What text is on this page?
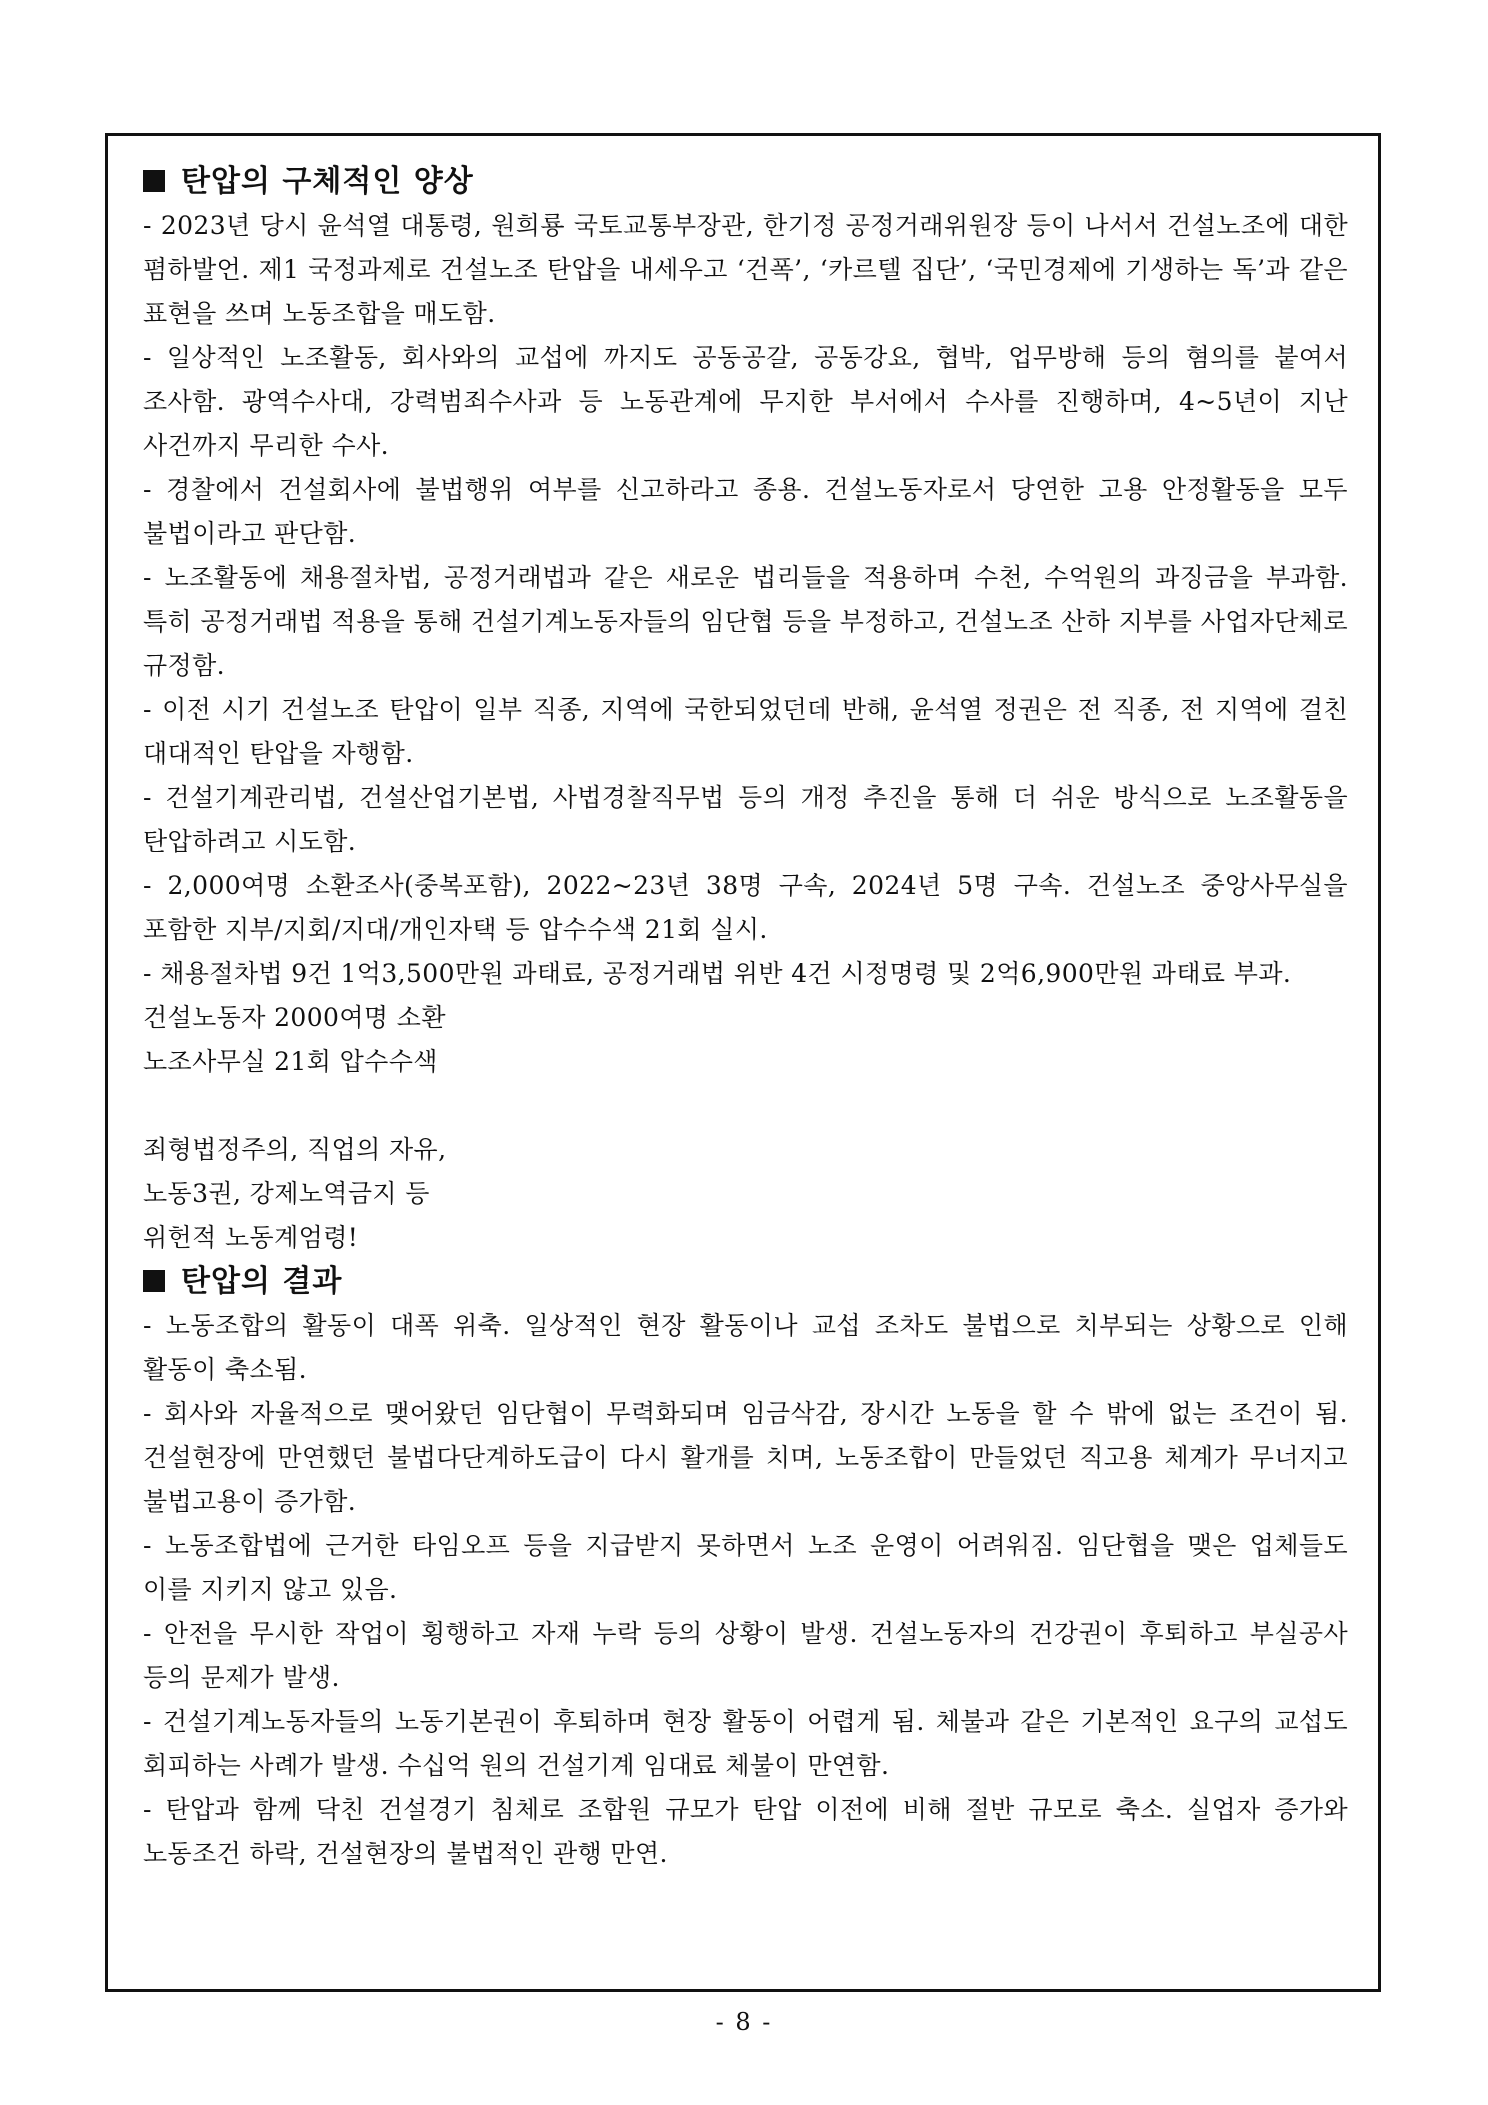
탄압의 구체적인 양상
- 2023년 당시 윤석열 대통령, 원희룡 국토교통부장관, 한기정 공정거래위원장 등이 나서서 건설노조에 대한 폄하발언. 제1 국정과제로 건설노조 탄압을 내세우고 ‘건폭’, ‘카르텔 집단’, ‘국민경제에 기생하는 독’과 같은 표현을 쓰며 노동조합을 매도함.
- 일상적인 노조활동, 회사와의 교섭에 까지도 공동공갈, 공동강요, 협박, 업무방해 등의 혐의를 붙여서 조사함. 광역수사대, 강력범죄수사과 등 노동관계에 무지한 부서에서 수사를 진행하며, 4~5년이 지난 사건까지 무리한 수사.
- 경찰에서 건설회사에 불법행위 여부를 신고하라고 종용. 건설노동자로서 당연한 고용 안정활동을 모두 불법이라고 판단함.
- 노조활동에 채용절차법, 공정거래법과 같은 새로운 법리들을 적용하며 수천, 수억원의 과징금을 부과함. 특히 공정거래법 적용을 통해 건설기계노동자들의 임단협 등을 부정하고, 건설노조 산하 지부를 사업자단체로 규정함.
- 이전 시기 건설노조 탄압이 일부 직종, 지역에 국한되었던데 반해, 윤석열 정권은 전 직종, 전 지역에 걸친 대대적인 탄압을 자행함.
- 건설기계관리법, 건설산업기본법, 사법경찰직무법 등의 개정 추진을 통해 더 쉬운 방식으로 노조활동을 탄압하려고 시도함.
- 2,000여명 소환조사(중복포함), 2022~23년 38명 구속, 2024년 5명 구속. 건설노조 중앙사무실을 포함한 지부/지회/지대/개인자택 등 압수수색 21회 실시.
- 채용절차법 9건 1억3,500만원 과태료, 공정거래법 위반 4건 시정명령 및 2억6,900만원 과태료 부과.
건설노동자 2000여명 소환
노조사무실 21회 압수수색
죄형법정주의, 직업의 자유,
노동3권, 강제노역금지 등
위헌적 노동계엄령!
탄압의 결과
- 노동조합의 활동이 대폭 위축. 일상적인 현장 활동이나 교섭 조차도 불법으로 치부되는 상황으로 인해 활동이 축소됨.
- 회사와 자율적으로 맺어왔던 임단협이 무력화되며 임금삭감, 장시간 노동을 할 수 밖에 없는 조건이 됨. 건설현장에 만연했던 불법다단계하도급이 다시 활개를 치며, 노동조합이 만들었던 직고용 체계가 무너지고 불법고용이 증가함.
- 노동조합법에 근거한 타임오프 등을 지급받지 못하면서 노조 운영이 어려워짐. 임단협을 맺은 업체들도 이를 지키지 않고 있음.
- 안전을 무시한 작업이 횡행하고 자재 누락 등의 상황이 발생. 건설노동자의 건강권이 후퇴하고 부실공사 등의 문제가 발생.
- 건설기계노동자들의 노동기본권이 후퇴하며 현장 활동이 어렵게 됨. 체불과 같은 기본적인 요구의 교섭도 회피하는 사례가 발생. 수십억 원의 건설기계 임대료 체불이 만연함.
- 탄압과 함께 닥친 건설경기 침체로 조합원 규모가 탄압 이전에 비해 절반 규모로 축소. 실업자 증가와 노동조건 하락, 건설현장의 불법적인 관행 만연.
- 8 -
